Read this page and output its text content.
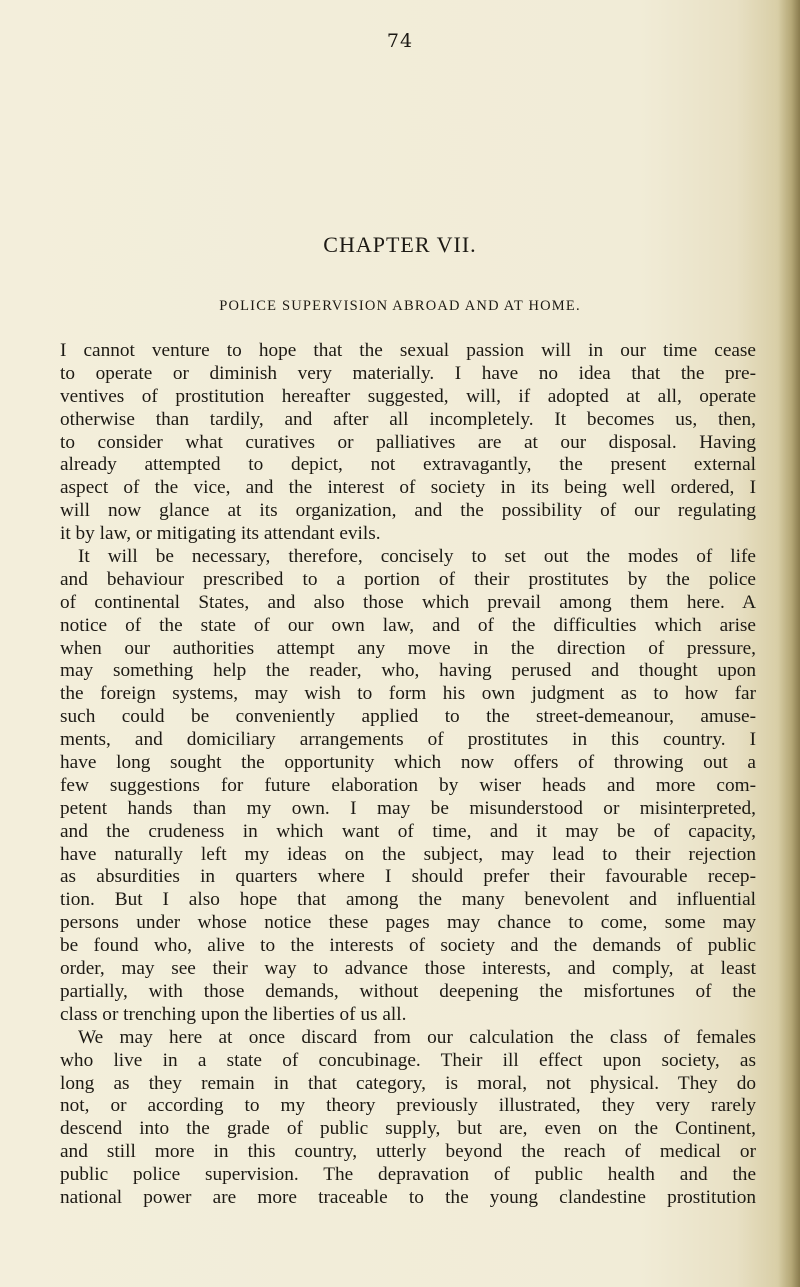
74
CHAPTER VII.
POLICE SUPERVISION ABROAD AND AT HOME.
I cannot venture to hope that the sexual passion will in our time cease
to operate or diminish very materially. I have no idea that the pre-
ventives of prostitution hereafter suggested, will, if adopted at all, operate
otherwise than tardily, and after all incompletely. It becomes us, then,
to consider what curatives or palliatives are at our disposal. Having
already attempted to depict, not extravagantly, the present external
aspect of the vice, and the interest of society in its being well ordered, I
will now glance at its organization, and the possibility of our regulating
it by law, or mitigating its attendant evils.
It will be necessary, therefore, concisely to set out the modes of life
and behaviour prescribed to a portion of their prostitutes by the police
of continental States, and also those which prevail among them here. A
notice of the state of our own law, and of the difficulties which arise
when our authorities attempt any move in the direction of pressure,
may something help the reader, who, having perused and thought upon
the foreign systems, may wish to form his own judgment as to how far
such could be conveniently applied to the street-demeanour, amuse-
ments, and domiciliary arrangements of prostitutes in this country. I
have long sought the opportunity which now offers of throwing out a
few suggestions for future elaboration by wiser heads and more com-
petent hands than my own. I may be misunderstood or misinterpreted,
and the crudeness in which want of time, and it may be of capacity,
have naturally left my ideas on the subject, may lead to their rejection
as absurdities in quarters where I should prefer their favourable recep-
tion. But I also hope that among the many benevolent and influential
persons under whose notice these pages may chance to come, some may
be found who, alive to the interests of society and the demands of public
order, may see their way to advance those interests, and comply, at least
partially, with those demands, without deepening the misfortunes of the
class or trenching upon the liberties of us all.
We may here at once discard from our calculation the class of females
who live in a state of concubinage. Their ill effect upon society, as
long as they remain in that category, is moral, not physical. They do
not, or according to my theory previously illustrated, they very rarely
descend into the grade of public supply, but are, even on the Continent,
and still more in this country, utterly beyond the reach of medical or
public police supervision. The depravation of public health and the
national power are more traceable to the young clandestine prostitution
